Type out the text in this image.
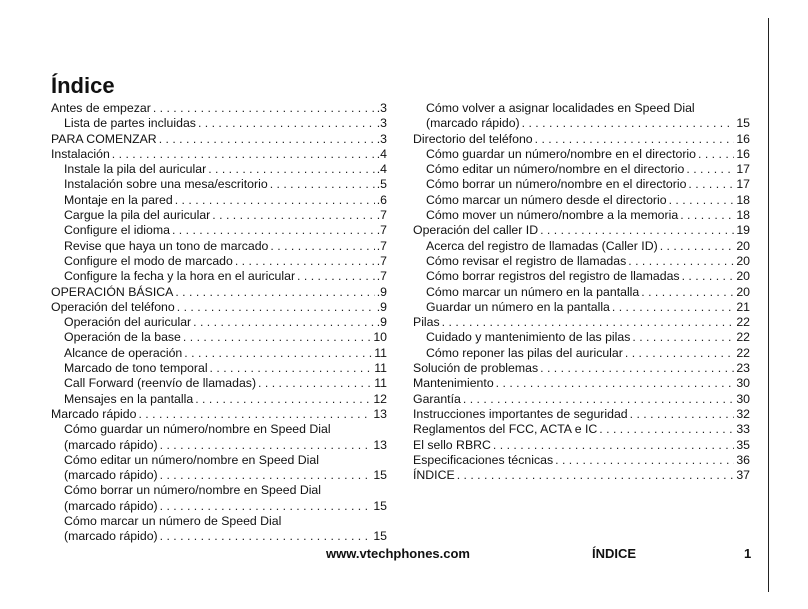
Índice
Antes de empezar . . .	.3
Lista de partes incluidas . . .	.3
PARA COMENZAR . . .	.3
Instalación . . .	.4
Instale la pila del auricular . . .	.4
Instalación sobre una mesa/escritorio . . .	.5
Montaje en la pared . . .	.6
Cargue la pila del auricular . . .	.7
Configure el idioma . . .	.7
Revise que haya un tono de marcado . . .	.7
Configure el modo de marcado . . .	.7
Configure la fecha y la hora en el auricular . . .	.7
OPERACIÓN BÁSICA . . .	.9
Operación del teléfono . . .	.9
Operación del auricular . . .	.9
Operación de la base . . .	10
Alcance de operación . . .	11
Marcado de tono temporal . . .	11
Call Forward (reenvío de llamadas) . . .	11
Mensajes en la pantalla . . .	12
Marcado rápido . . .	13
Cómo guardar un número/nombre en Speed Dial
(marcado rápido) . . .	13
Cómo editar un número/nombre en Speed Dial
(marcado rápido) . . .	15
Cómo borrar un número/nombre en Speed Dial
(marcado rápido) . . .	15
Cómo marcar un número de Speed Dial
(marcado rápido) . . .	15
Cómo volver a asignar localidades en Speed Dial
(marcado rápido) . . .	15
Directorio del teléfono . . .	16
Cómo guardar un número/nombre en el directorio . . .	16
Cómo editar un número/nombre en el directorio . . .	17
Cómo borrar un número/nombre en el directorio . . .	17
Cómo marcar un número desde el directorio . . .	18
Cómo mover un número/nombre a la memoria . . .	18
Operación del caller ID . . .	19
Acerca del registro de llamadas (Caller ID) . . .	20
Cómo revisar el registro de llamadas . . .	20
Cómo borrar registros del registro de llamadas . . .	20
Cómo marcar un número en la pantalla . . .	20
Guardar un número en la pantalla . . .	21
Pilas . . .	22
Cuidado y mantenimiento de las pilas . . .	22
Cómo reponer las pilas del auricular . . .	22
Solución de problemas . . .	23
Mantenimiento . . .	30
Garantía . . .	30
Instrucciones importantes de seguridad . . .	32
Reglamentos del FCC, ACTA e IC . . .	33
El sello RBRC . . .	35
Especificaciones técnicas . . .	36
ÍNDICE . . .	37
www.vtechphones.com	ÍNDICE	1
